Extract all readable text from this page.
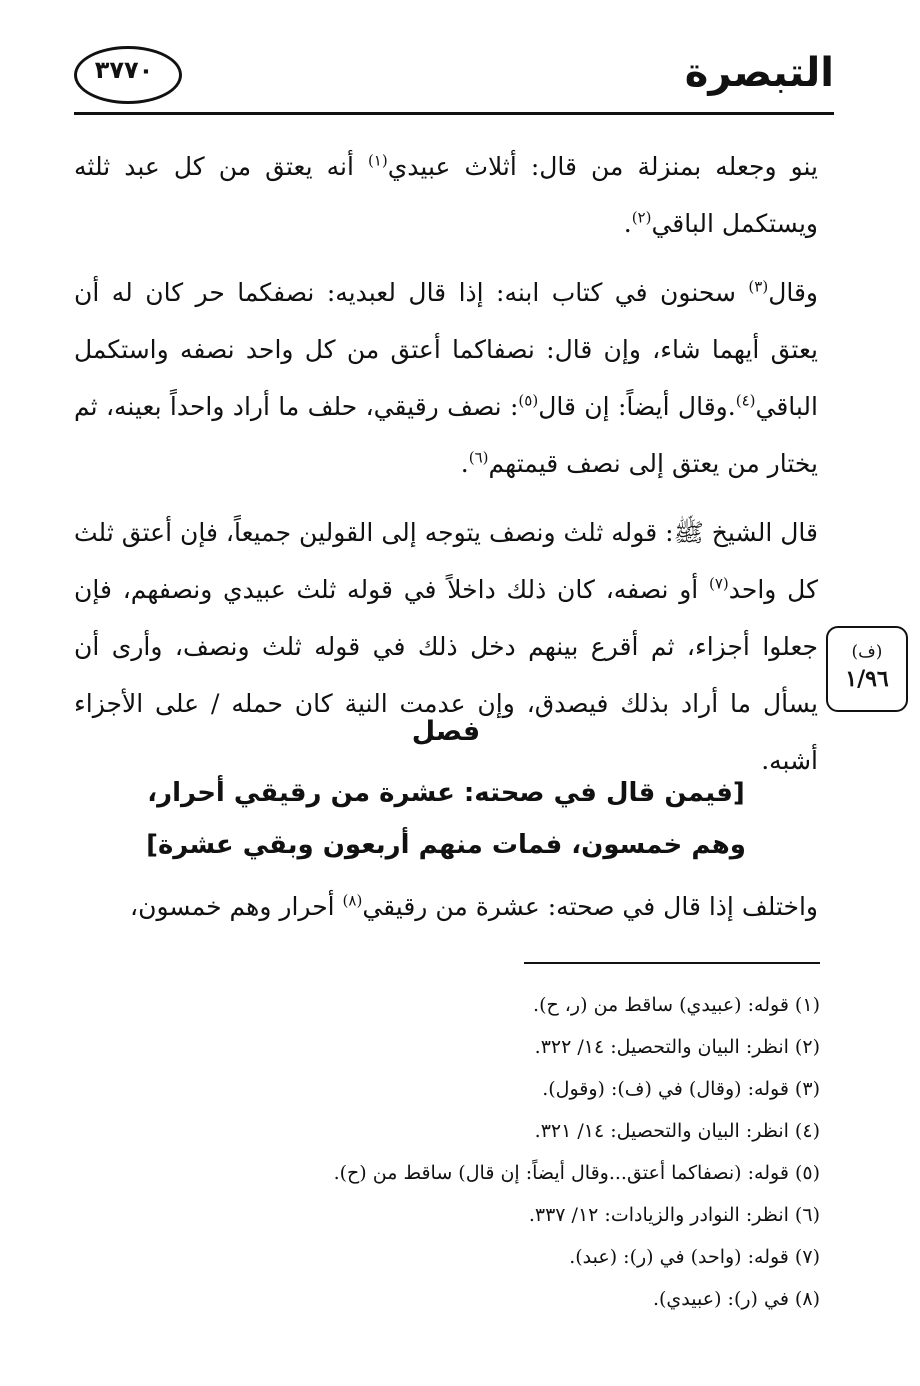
٣٧٧٠	التبصرة

ينو وجعله بمنزلة من قال: أثلاث عبيدي$^{(١)}$ أنه يعتق من كل عبد ثلثه ويستكمل الباقي$^{(٢)}$.

وقال$^{(٣)}$ سحنون في كتاب ابنه: إذا قال لعبديه: نصفكما حر كان له أن يعتق أيهما شاء، وإن قال: نصفاكما أعتق من كل واحد نصفه واستكمل الباقي$^{(٤)}$.وقال أيضاً: إن قال$^{(٥)}$: نصف رقيقي، حلف ما أراد واحداً بعينه، ثم يختار من يعتق إلى نصف قيمتهم$^{(٦)}$.

قال الشيخ ﷺ: قوله ثلث ونصف يتوجه إلى القولين جميعاً، فإن أعتق ثلث كل واحد$^{(٧)}$ أو نصفه، كان ذلك داخلاً في قوله ثلث عبيدي ونصفهم، فإن جعلوا أجزاء، ثم أقرع بينهم دخل ذلك في قوله ثلث ونصف، وأرى أن يسأل ما أراد بذلك فيصدق، وإن عدمت النية كان حمله / على الأجزاء أشبه.

(ف)
١/٩٦
فصل
[فيمن قال في صحته: عشرة من رقيقي أحرار،
وهم خمسون، فمات منهم أربعون وبقي عشرة]
واختلف إذا قال في صحته: عشرة من رقيقي$^{(٨)}$ أحرار وهم خمسون،
(١) قوله: (عبيدي) ساقط من (ر، ح).
(٢) انظر: البيان والتحصيل: ١٤/ ٣٢٢.
(٣) قوله: (وقال) في (ف): (وقول).
(٤) انظر: البيان والتحصيل: ١٤/ ٣٢١.
(٥) قوله: (نصفاكما أعتق...وقال أيضاً: إن قال) ساقط من (ح).
(٦) انظر: النوادر والزيادات: ١٢/ ٣٣٧.
(٧) قوله: (واحد) في (ر): (عبد).
(٨) في (ر): (عبيدي).
